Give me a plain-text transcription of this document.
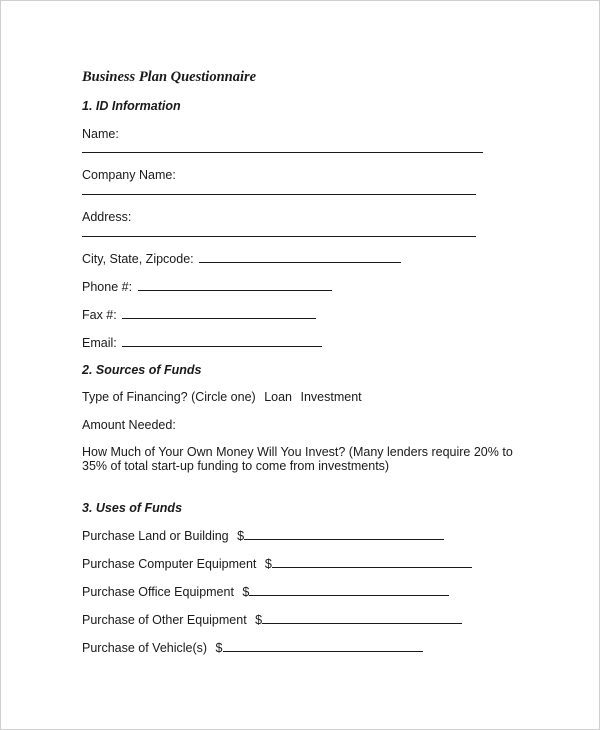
Business Plan Questionnaire
1. ID Information
Name:
Company Name:
Address:
City, State, Zipcode:
Phone #:
Fax #:
Email:
2. Sources of Funds
Type of Financing? (Circle one) Loan Investment
Amount Needed:
How Much of Your Own Money Will You Invest? (Many lenders require 20% to
35% of total start-up funding to come from investments)
3. Uses of Funds
Purchase Land or Building $
Purchase Computer Equipment $
Purchase Office Equipment $
Purchase of Other Equipment $
Purchase of Vehicle(s) $
